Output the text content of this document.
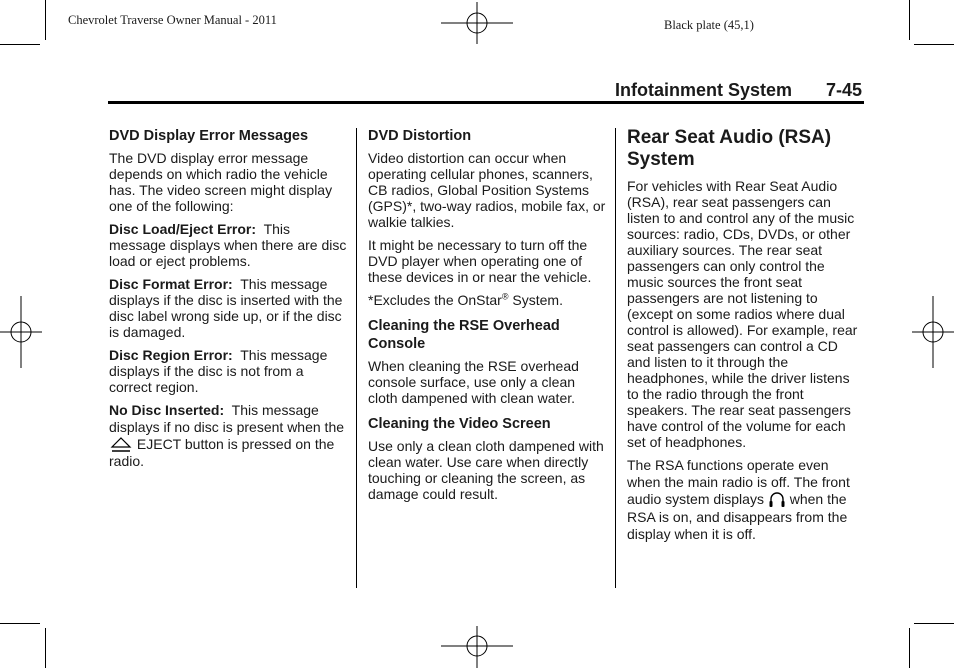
Chevrolet Traverse Owner Manual - 2011	Black plate (45,1)
Infotainment System 7-45
DVD Display Error Messages

The DVD display error message depends on which radio the vehicle has. The video screen might display one of the following:

Disc Load/Eject Error: This message displays when there are disc load or eject problems.

Disc Format Error: This message displays if the disc is inserted with the disc label wrong side up, or if the disc is damaged.

Disc Region Error: This message displays if the disc is not from a correct region.

No Disc Inserted: This message displays if no disc is present when the  EJECT button is pressed on the radio.

DVD Distortion

Video distortion can occur when operating cellular phones, scanners, CB radios, Global Position Systems (GPS)*, two-way radios, mobile fax, or walkie talkies.

It might be necessary to turn off the DVD player when operating one of these devices in or near the vehicle.

*Excludes the OnStar® System.

Cleaning the RSE Overhead Console

When cleaning the RSE overhead console surface, use only a clean cloth dampened with clean water.

Cleaning the Video Screen

Use only a clean cloth dampened with clean water. Use care when directly touching or cleaning the screen, as damage could result.

Rear Seat Audio (RSA) System

For vehicles with Rear Seat Audio (RSA), rear seat passengers can listen to and control any of the music sources: radio, CDs, DVDs, or other auxiliary sources. The rear seat passengers can only control the music sources the front seat passengers are not listening to (except on some radios where dual control is allowed). For example, rear seat passengers can control a CD and listen to it through the headphones, while the driver listens to the radio through the front speakers. The rear seat passengers have control of the volume for each set of headphones.

The RSA functions operate even when the main radio is off. The front audio system displays when the RSA is on, and disappears from the display when it is off.
